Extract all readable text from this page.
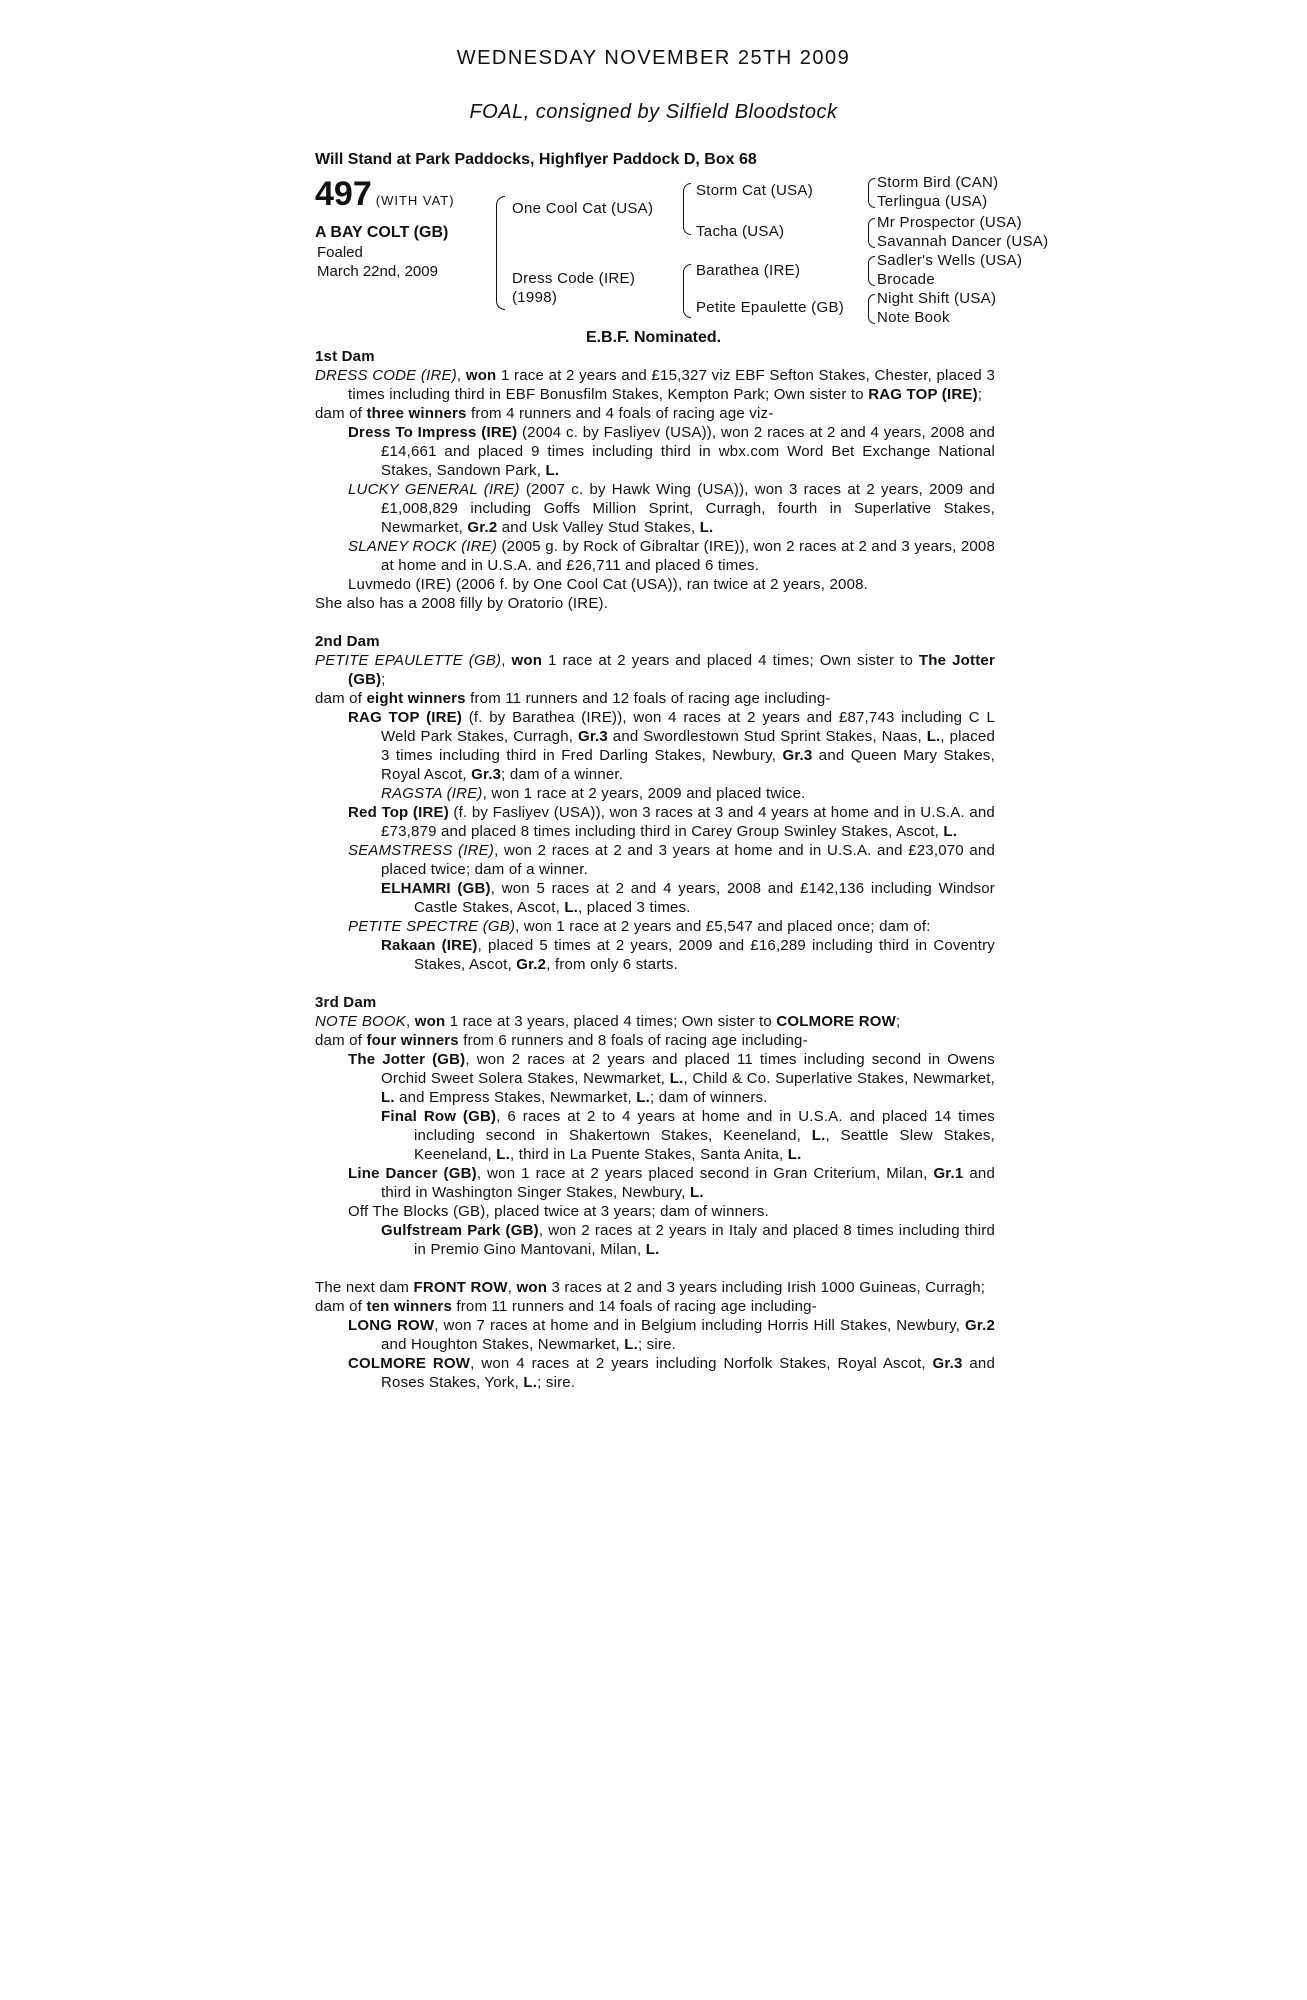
WEDNESDAY NOVEMBER 25TH 2009
FOAL, consigned by Silfield Bloodstock
Will Stand at Park Paddocks, Highflyer Paddock D, Box 68
497 (WITH VAT)
A BAY COLT (GB)
Foaled
March 22nd, 2009
One Cool Cat (USA)
Dress Code (IRE)
(1998)
Storm Cat (USA)
Tacha (USA)
Barathea (IRE)
Petite Epaulette (GB)
Storm Bird (CAN)
Terlingua (USA)
Mr Prospector (USA)
Savannah Dancer (USA)
Sadler's Wells (USA)
Brocade
Night Shift (USA)
Note Book
E.B.F. Nominated.
1st Dam
DRESS CODE (IRE), won 1 race at 2 years and £15,327 viz EBF Sefton Stakes, Chester, placed 3 times including third in EBF Bonusfilm Stakes, Kempton Park; Own sister to RAG TOP (IRE);
dam of three winners from 4 runners and 4 foals of racing age viz-
Dress To Impress (IRE) (2004 c. by Fasliyev (USA)), won 2 races at 2 and 4 years, 2008 and £14,661 and placed 9 times including third in wbx.com Word Bet Exchange National Stakes, Sandown Park, L.
LUCKY GENERAL (IRE) (2007 c. by Hawk Wing (USA)), won 3 races at 2 years, 2009 and £1,008,829 including Goffs Million Sprint, Curragh, fourth in Superlative Stakes, Newmarket, Gr.2 and Usk Valley Stud Stakes, L.
SLANEY ROCK (IRE) (2005 g. by Rock of Gibraltar (IRE)), won 2 races at 2 and 3 years, 2008 at home and in U.S.A. and £26,711 and placed 6 times.
Luvmedo (IRE) (2006 f. by One Cool Cat (USA)), ran twice at 2 years, 2008.
She also has a 2008 filly by Oratorio (IRE).
2nd Dam
PETITE EPAULETTE (GB), won 1 race at 2 years and placed 4 times; Own sister to The Jotter (GB);
dam of eight winners from 11 runners and 12 foals of racing age including-
RAG TOP (IRE) (f. by Barathea (IRE)), won 4 races at 2 years and £87,743 including C L Weld Park Stakes, Curragh, Gr.3 and Swordlestown Stud Sprint Stakes, Naas, L., placed 3 times including third in Fred Darling Stakes, Newbury, Gr.3 and Queen Mary Stakes, Royal Ascot, Gr.3; dam of a winner.
RAGSTA (IRE), won 1 race at 2 years, 2009 and placed twice.
Red Top (IRE) (f. by Fasliyev (USA)), won 3 races at 3 and 4 years at home and in U.S.A. and £73,879 and placed 8 times including third in Carey Group Swinley Stakes, Ascot, L.
SEAMSTRESS (IRE), won 2 races at 2 and 3 years at home and in U.S.A. and £23,070 and placed twice; dam of a winner.
ELHAMRI (GB), won 5 races at 2 and 4 years, 2008 and £142,136 including Windsor Castle Stakes, Ascot, L., placed 3 times.
PETITE SPECTRE (GB), won 1 race at 2 years and £5,547 and placed once; dam of:
Rakaan (IRE), placed 5 times at 2 years, 2009 and £16,289 including third in Coventry Stakes, Ascot, Gr.2, from only 6 starts.
3rd Dam
NOTE BOOK, won 1 race at 3 years, placed 4 times; Own sister to COLMORE ROW;
dam of four winners from 6 runners and 8 foals of racing age including-
The Jotter (GB), won 2 races at 2 years and placed 11 times including second in Owens Orchid Sweet Solera Stakes, Newmarket, L., Child & Co. Superlative Stakes, Newmarket, L. and Empress Stakes, Newmarket, L.; dam of winners.
Final Row (GB), 6 races at 2 to 4 years at home and in U.S.A. and placed 14 times including second in Shakertown Stakes, Keeneland, L., Seattle Slew Stakes, Keeneland, L., third in La Puente Stakes, Santa Anita, L.
Line Dancer (GB), won 1 race at 2 years placed second in Gran Criterium, Milan, Gr.1 and third in Washington Singer Stakes, Newbury, L.
Off The Blocks (GB), placed twice at 3 years; dam of winners.
Gulfstream Park (GB), won 2 races at 2 years in Italy and placed 8 times including third in Premio Gino Mantovani, Milan, L.
The next dam FRONT ROW, won 3 races at 2 and 3 years including Irish 1000 Guineas, Curragh;
dam of ten winners from 11 runners and 14 foals of racing age including-
LONG ROW, won 7 races at home and in Belgium including Horris Hill Stakes, Newbury, Gr.2 and Houghton Stakes, Newmarket, L.; sire.
COLMORE ROW, won 4 races at 2 years including Norfolk Stakes, Royal Ascot, Gr.3 and Roses Stakes, York, L.; sire.
